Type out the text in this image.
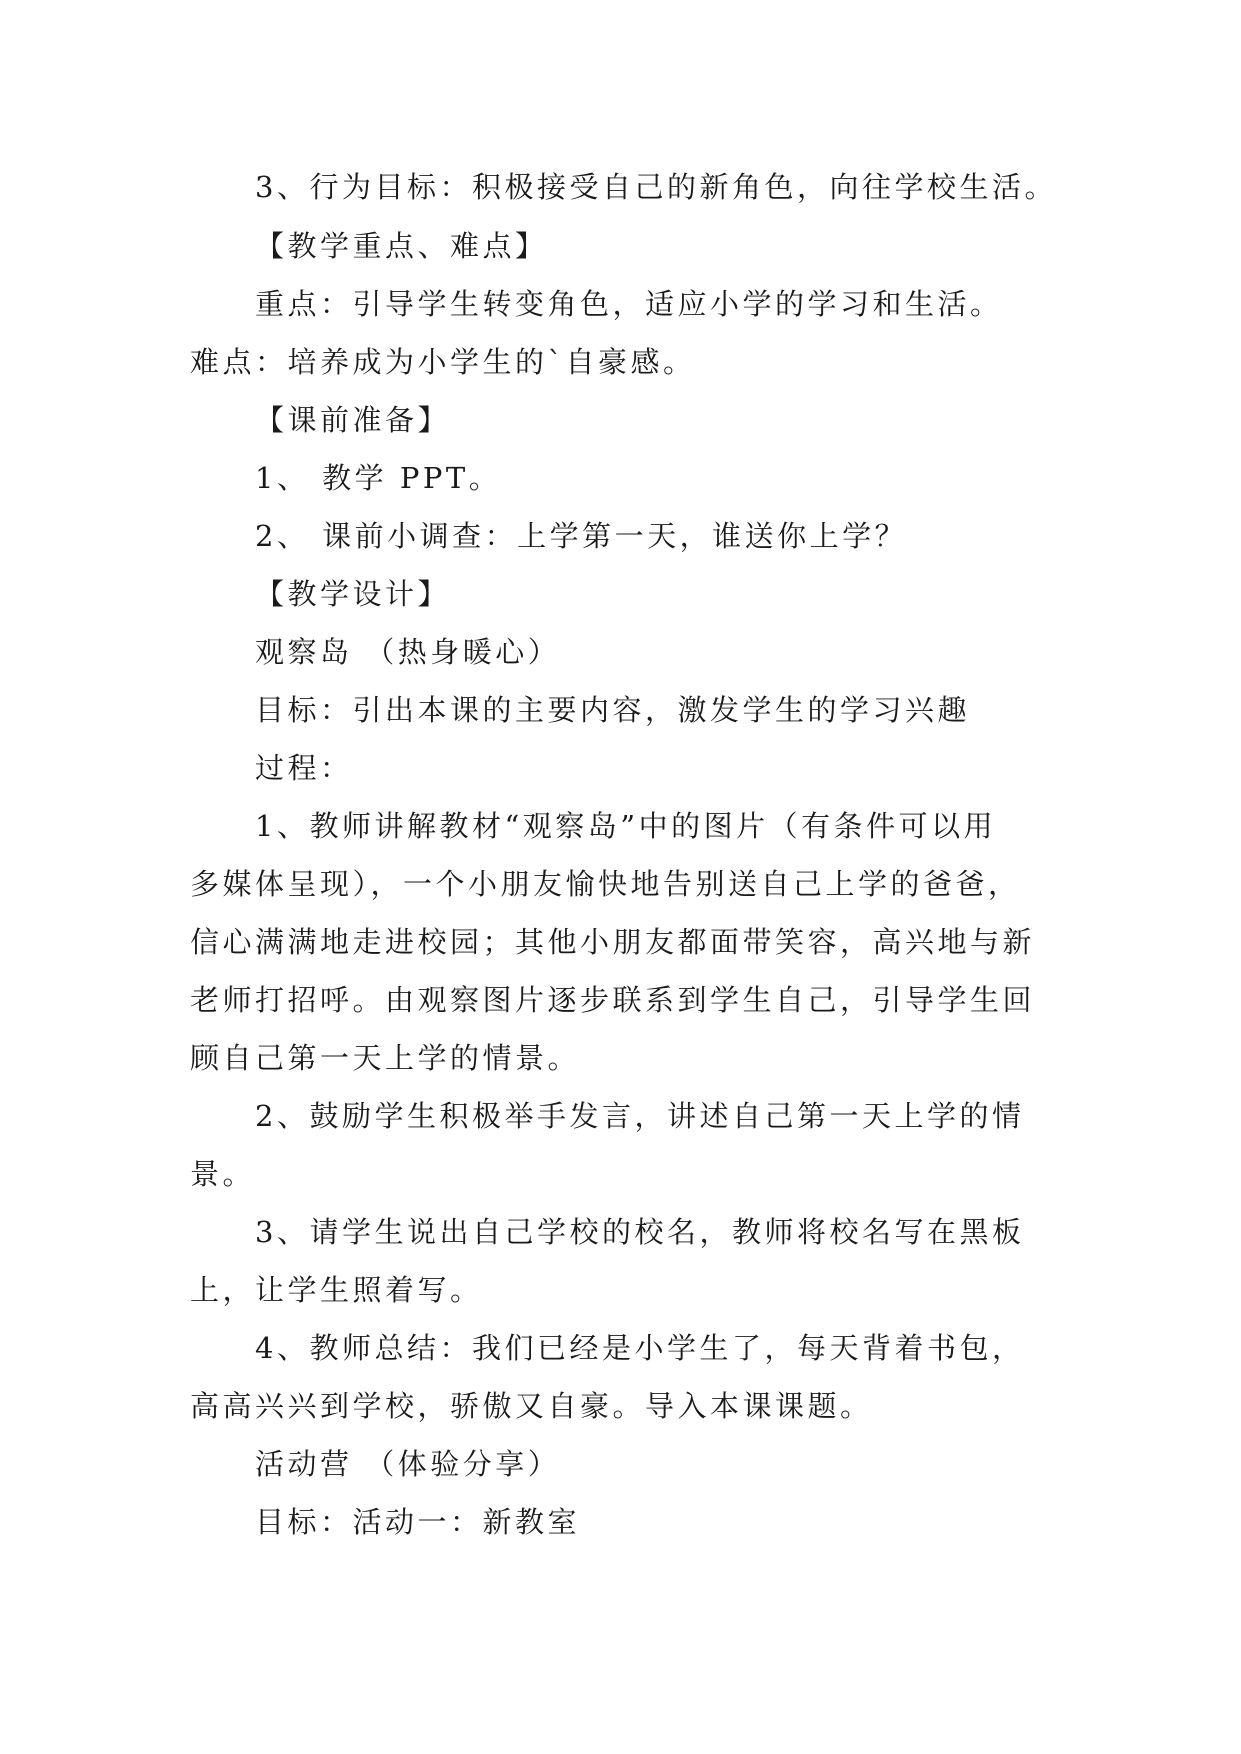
3、行为目标：积极接受自己的新角色，向往学校生活。
【教学重点、难点】
重点：引导学生转变角色，适应小学的学习和生活。
难点：培养成为小学生的`自豪感。
【课前准备】
1、 教学 PPT。
2、 课前小调查：上学第一天，谁送你上学？
【教学设计】
观察岛 （热身暖心）
目标：引出本课的主要内容，激发学生的学习兴趣
过程：
1、教师讲解教材“观察岛”中的图片（有条件可以用
多媒体呈现），一个小朋友愉快地告别送自己上学的爸爸，
信心满满地走进校园；其他小朋友都面带笑容，高兴地与新
老师打招呼。由观察图片逐步联系到学生自己，引导学生回
顾自己第一天上学的情景。
2、鼓励学生积极举手发言，讲述自己第一天上学的情
景。
3、请学生说出自己学校的校名，教师将校名写在黑板
上，让学生照着写。
4、教师总结：我们已经是小学生了，每天背着书包，
高高兴兴到学校，骄傲又自豪。导入本课课题。
活动营 （体验分享）
目标：活动一：新教室
